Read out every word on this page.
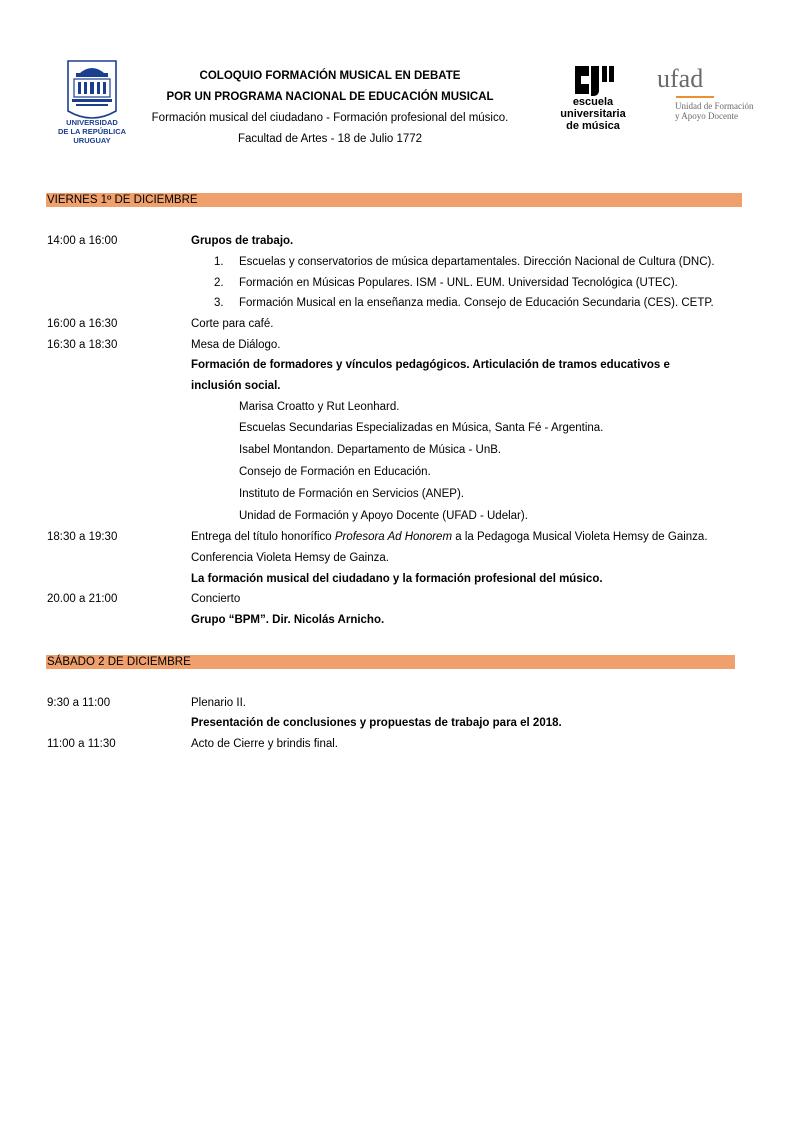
UNIVERSIDAD
DE LA REPÚBLICA
URUGUAY
COLOQUIO FORMACIÓN MUSICAL EN DEBATE
POR UN PROGRAMA NACIONAL DE EDUCACIÓN MUSICAL
Formación musical del ciudadano - Formación profesional del músico.
Facultad de Artes - 18 de Julio 1772
escuela
universitaria
de música
ufad
Unidad de Formación
y Apoyo Docente
VIERNES 1º DE DICIEMBRE
14:00 a 16:00	Grupos de trabajo.
1. Escuelas y conservatorios de música departamentales. Dirección Nacional de Cultura (DNC).
2. Formación en Músicas Populares. ISM - UNL. EUM. Universidad Tecnológica (UTEC).
3. Formación Musical en la enseñanza media. Consejo de Educación Secundaria (CES). CETP.
16:00 a 16:30	Corte para café.
16:30 a 18:30	Mesa de Diálogo.
Formación de formadores y vínculos pedagógicos. Articulación de tramos educativos e
inclusión social.
Marisa Croatto y Rut Leonhard.
Escuelas Secundarias Especializadas en Música, Santa Fé - Argentina.
Isabel Montandon. Departamento de Música - UnB.
Consejo de Formación en Educación.
Instituto de Formación en Servicios (ANEP).
Unidad de Formación y Apoyo Docente (UFAD - Udelar).
18:30 a 19:30	Entrega del título honorífico Profesora Ad Honorem a la Pedagoga Musical Violeta Hemsy de Gainza.
Conferencia Violeta Hemsy de Gainza.
La formación musical del ciudadano y la formación profesional del músico.
20.00 a 21:00	Concierto
Grupo “BPM”. Dir. Nicolás Arnicho.
SÁBADO 2 DE DICIEMBRE
9:30 a 11:00	Plenario II.
Presentación de conclusiones y propuestas de trabajo para el 2018.
11:00 a 11:30	Acto de Cierre y brindis final.
